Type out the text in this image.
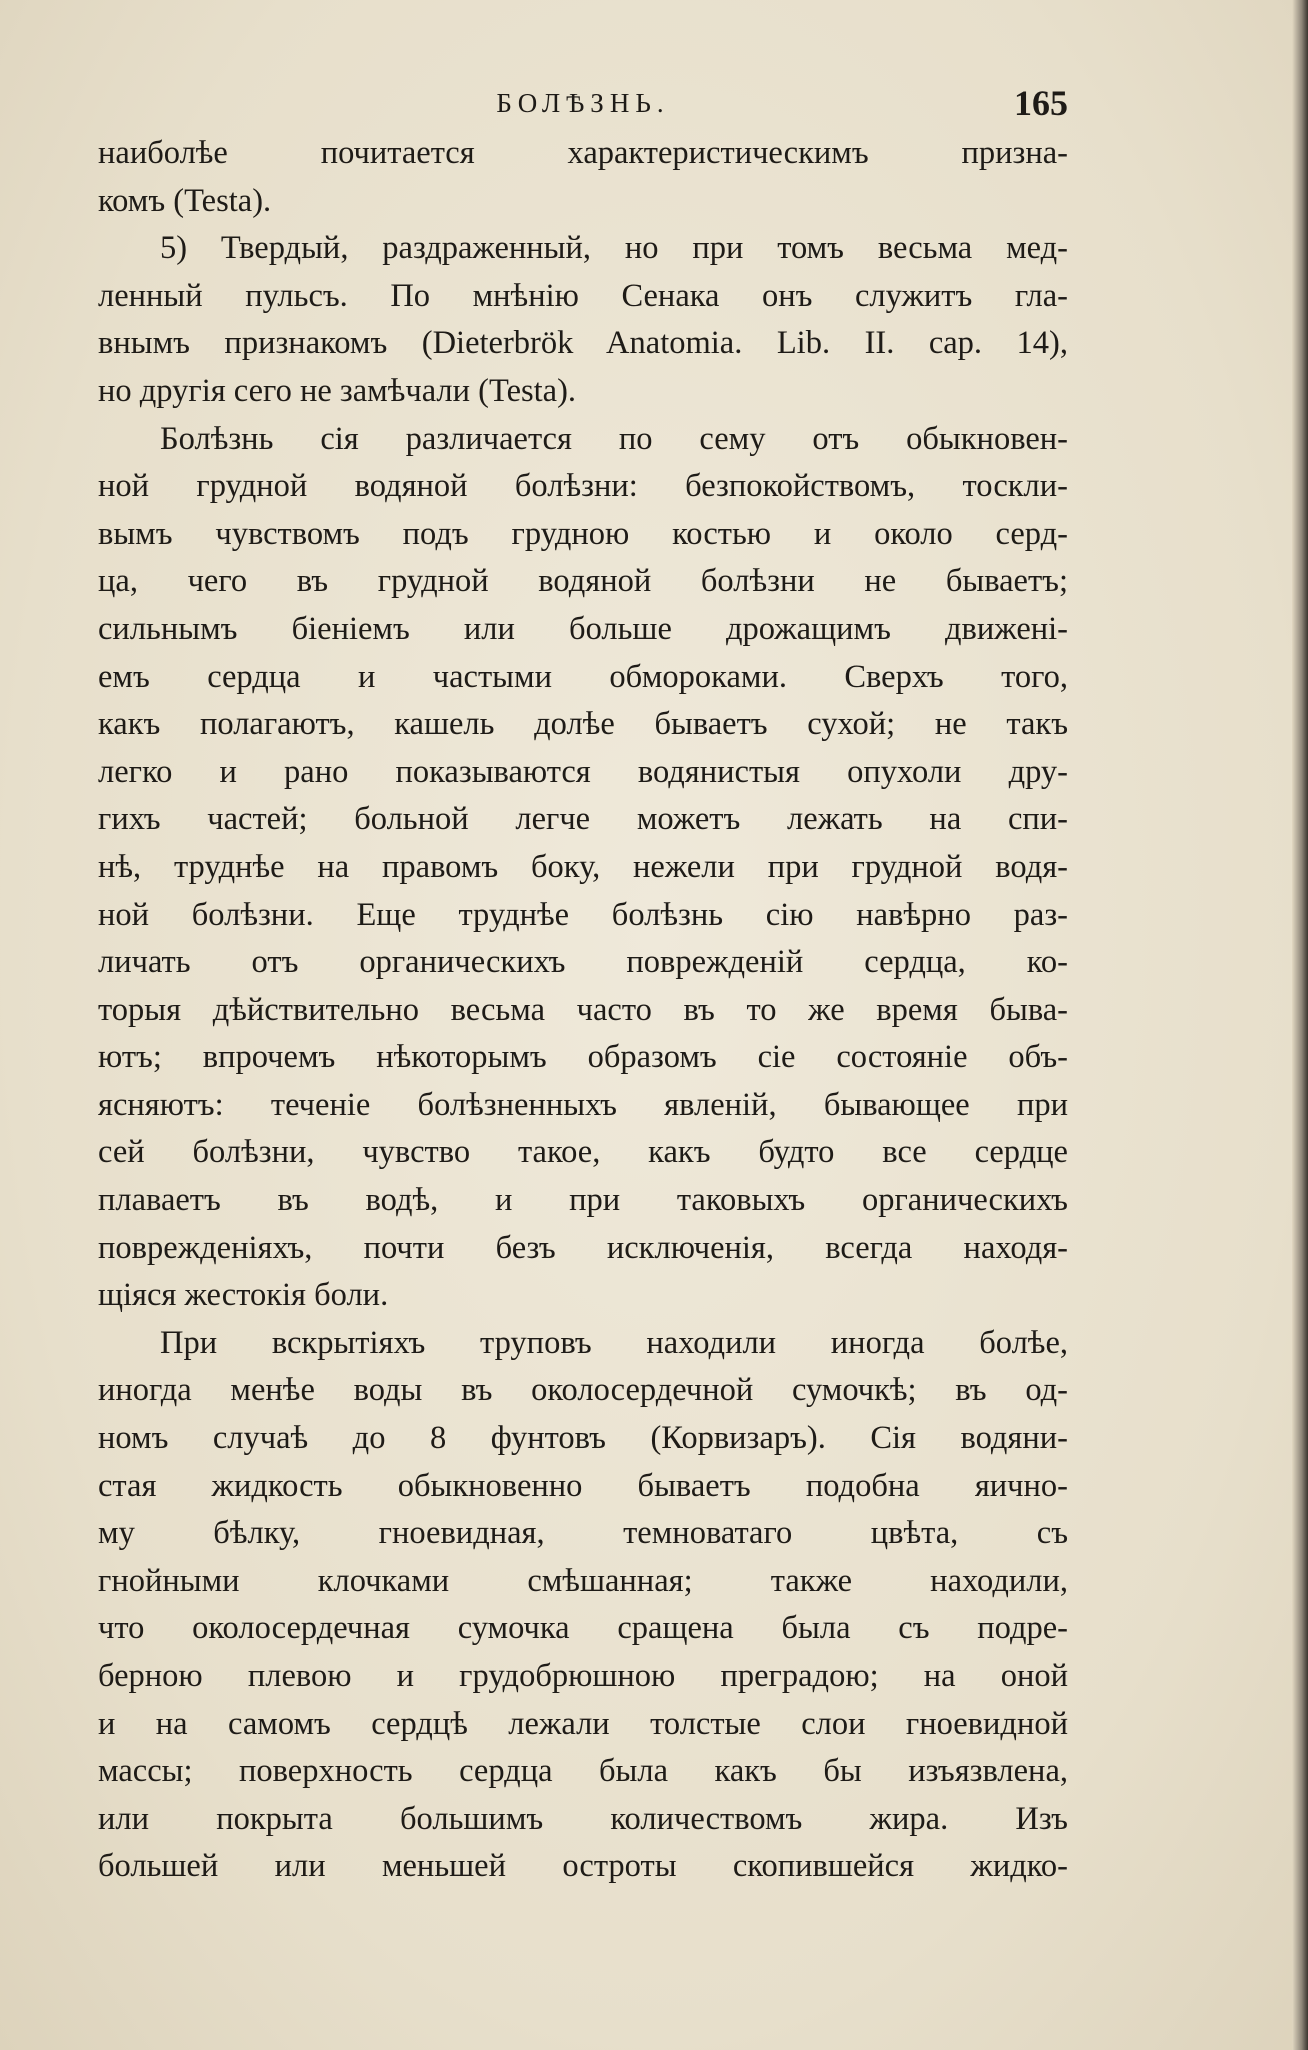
БОЛѢЗНЬ.	165
наиболѣе почитается характеристическимъ призна-
комъ (Testa).
5) Твердый, раздраженный, но при томъ весьма мед-
ленный пульсъ. По мнѣнію Сенака онъ служитъ гла-
внымъ признакомъ (Dieterbrök Anatomia. Lib. II. cap. 14),
но другія сего не замѣчали (Testa).
Болѣзнь сія различается по сему отъ обыкновен-
ной грудной водяной болѣзни: безпокойствомъ, тоскли-
вымъ чувствомъ подъ грудною костью и около серд-
ца, чего въ грудной водяной болѣзни не бываетъ;
сильнымъ біеніемъ или больше дрожащимъ движені-
емъ сердца и частыми обмороками. Сверхъ того,
какъ полагаютъ, кашель долѣе бываетъ сухой; не такъ
легко и рано показываются водянистыя опухоли дру-
гихъ частей; больной легче можетъ лежать на спи-
нѣ, труднѣе на правомъ боку, нежели при грудной водя-
ной болѣзни. Еще труднѣе болѣзнь сію навѣрно раз-
личать отъ органическихъ поврежденій сердца, ко-
торыя дѣйствительно весьма часто въ то же время быва-
ютъ; впрочемъ нѣкоторымъ образомъ сіе состояніе объ-
ясняютъ: теченіе болѣзненныхъ явленій, бывающее при
сей болѣзни, чувство такое, какъ будто все сердце
плаваетъ въ водѣ, и при таковыхъ органическихъ
поврежденіяхъ, почти безъ исключенія, всегда находя-
щіяся жестокія боли.
При вскрытіяхъ труповъ находили иногда болѣе,
иногда менѣе воды въ околосердечной сумочкѣ; въ од-
номъ случаѣ до 8 фунтовъ (Корвизаръ). Сія водяни-
стая жидкость обыкновенно бываетъ подобна яично-
му бѣлку, гноевидная, темноватаго цвѣта, съ
гнойными клочками смѣшанная; также находили,
что околосердечная сумочка сращена была съ подре-
берною плевою и грудобрюшною преградою; на оной
и на самомъ сердцѣ лежали толстые слои гноевидной
массы; поверхность сердца была какъ бы изъязвлена,
или покрыта большимъ количествомъ жира. Изъ
большей или меньшей остроты скопившейся жидко-
